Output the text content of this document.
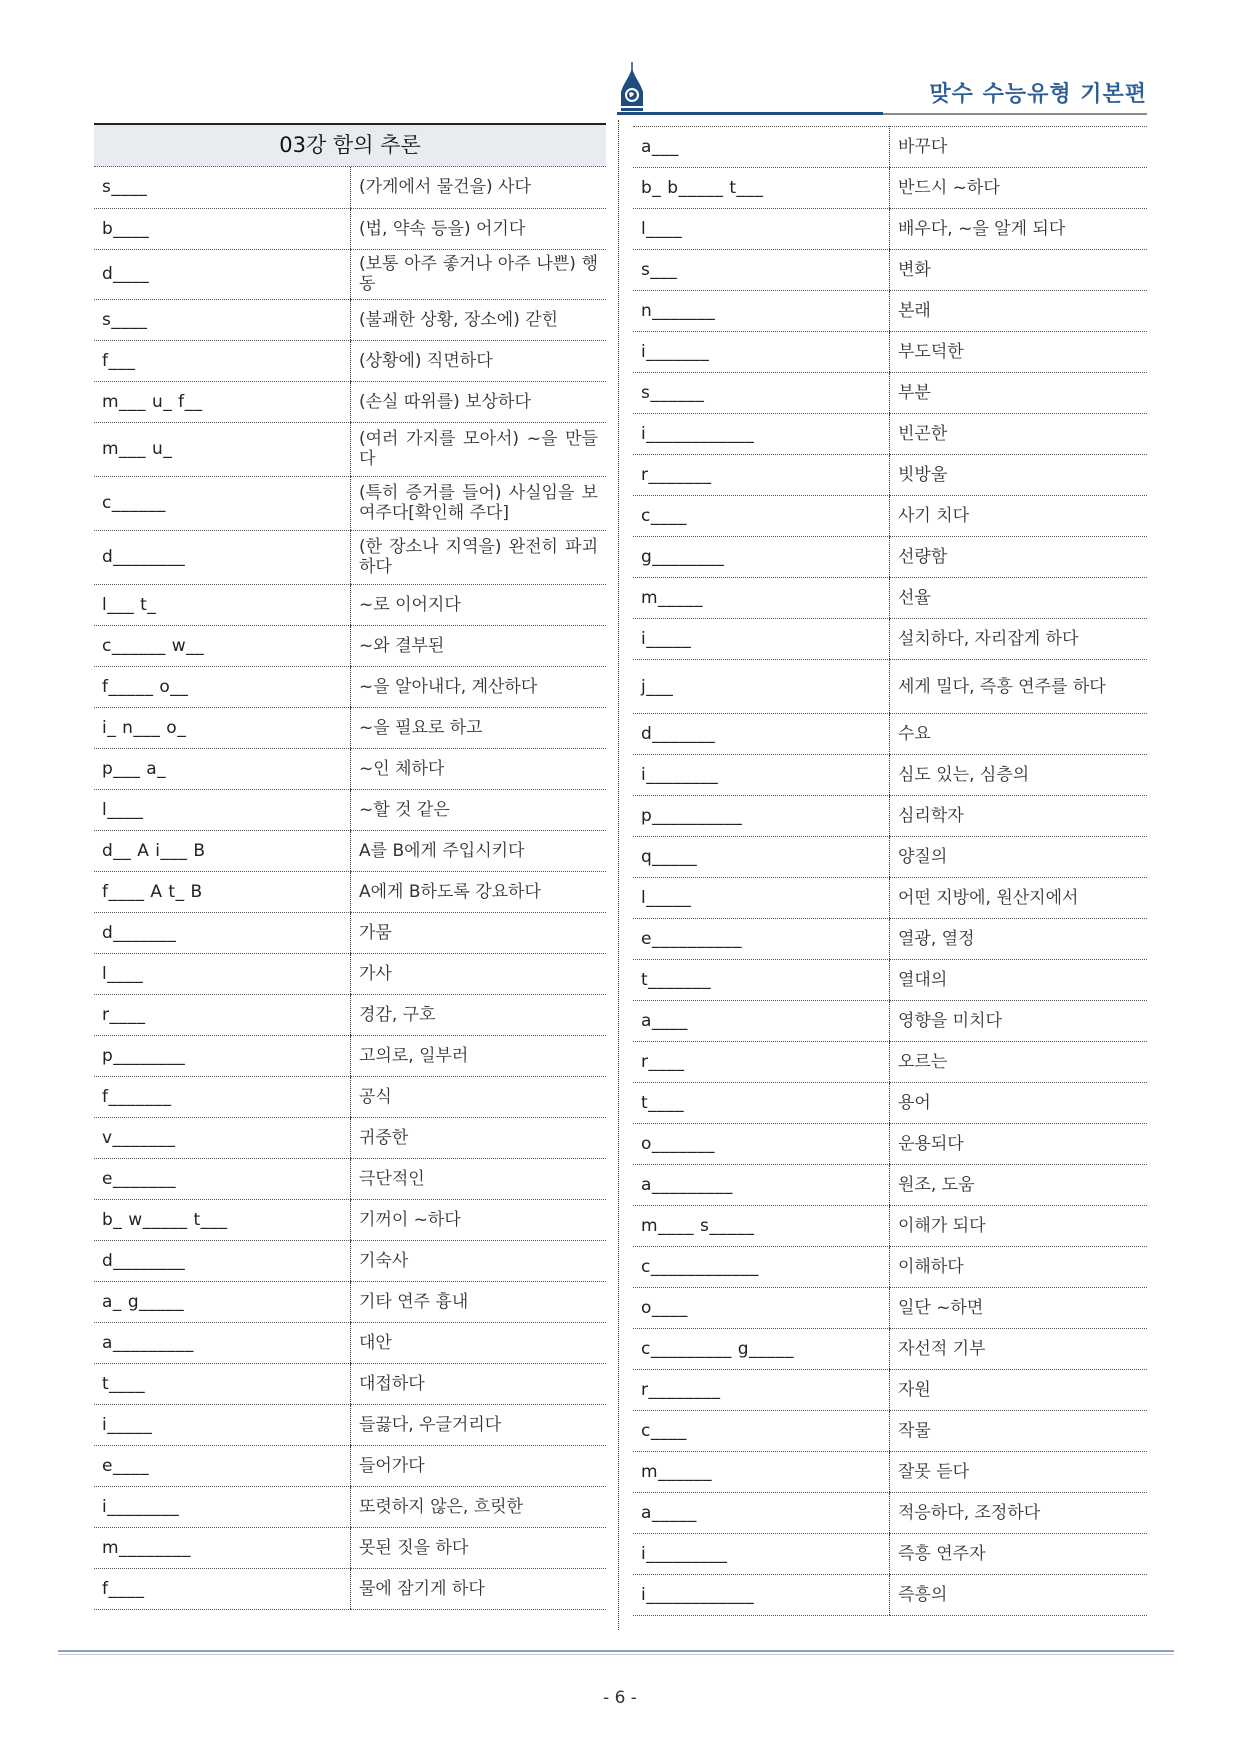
맞수 수능유형 기본편
03강 함의 추론
s____	(가게에서 물건을) 사다
b____	(법, 약속 등을) 어기다
d____	(보통 아주 좋거나 아주 나쁜) 행동
s____	(불괘한 상황, 장소에) 갇힌
f___	(상황에) 직면하다
m___ u_ f__	(손실 따위를) 보상하다
m___ u_	(여러 가지를 모아서) ~을 만들다
c______	(특히 증거를 들어) 사실임을 보여주다[확인해 주다]
d________	(한 장소나 지역을) 완전히 파괴하다
l___ t_	~로 이어지다
c______ w__	~와 결부된
f_____ o__	~을 알아내다, 계산하다
i_ n___ o_	~을 필요로 하고
p___ a_	~인 체하다
l____	~할 것 같은
d__ A i___ B	A를 B에게 주입시키다
f____ A t_ B	A에게 B하도록 강요하다
d_______	가뭄
l____	가사
r____	경감, 구호
p________	고의로, 일부러
f_______	공식
v_______	귀중한
e_______	극단적인
b_ w_____ t___	기꺼이 ~하다
d________	기숙사
a_ g_____	기타 연주 흉내
a_________	대안
t____	대접하다
i_____	들끓다, 우글거리다
e____	들어가다
i________	또렷하지 않은, 흐릿한
m________	못된 짓을 하다
f____	물에 잠기게 하다
a___	바꾸다
b_ b_____ t___	반드시 ~하다
l____	배우다, ~을 알게 되다
s___	변화
n_______	본래
i_______	부도덕한
s______	부분
i____________	빈곤한
r_______	빗방울
c____	사기 치다
g________	선량함
m_____	선율
i_____	설치하다, 자리잡게 하다
j___	세게 밀다, 즉흥 연주를 하다
d_______	수요
i________	심도 있는, 심층의
p__________	심리학자
q_____	양질의
l_____	어떤 지방에, 원산지에서
e__________	열광, 열정
t_______	열대의
a____	영향을 미치다
r____	오르는
t____	용어
o_______	운용되다
a_________	원조, 도움
m____ s_____	이해가 되다
c____________	이해하다
o____	일단 ~하면
c_________ g_____	자선적 기부
r________	자원
c____	작물
m______	잘못 듣다
a_____	적응하다, 조정하다
i_________	즉흥 연주자
i____________	즉흥의
- 6 -
